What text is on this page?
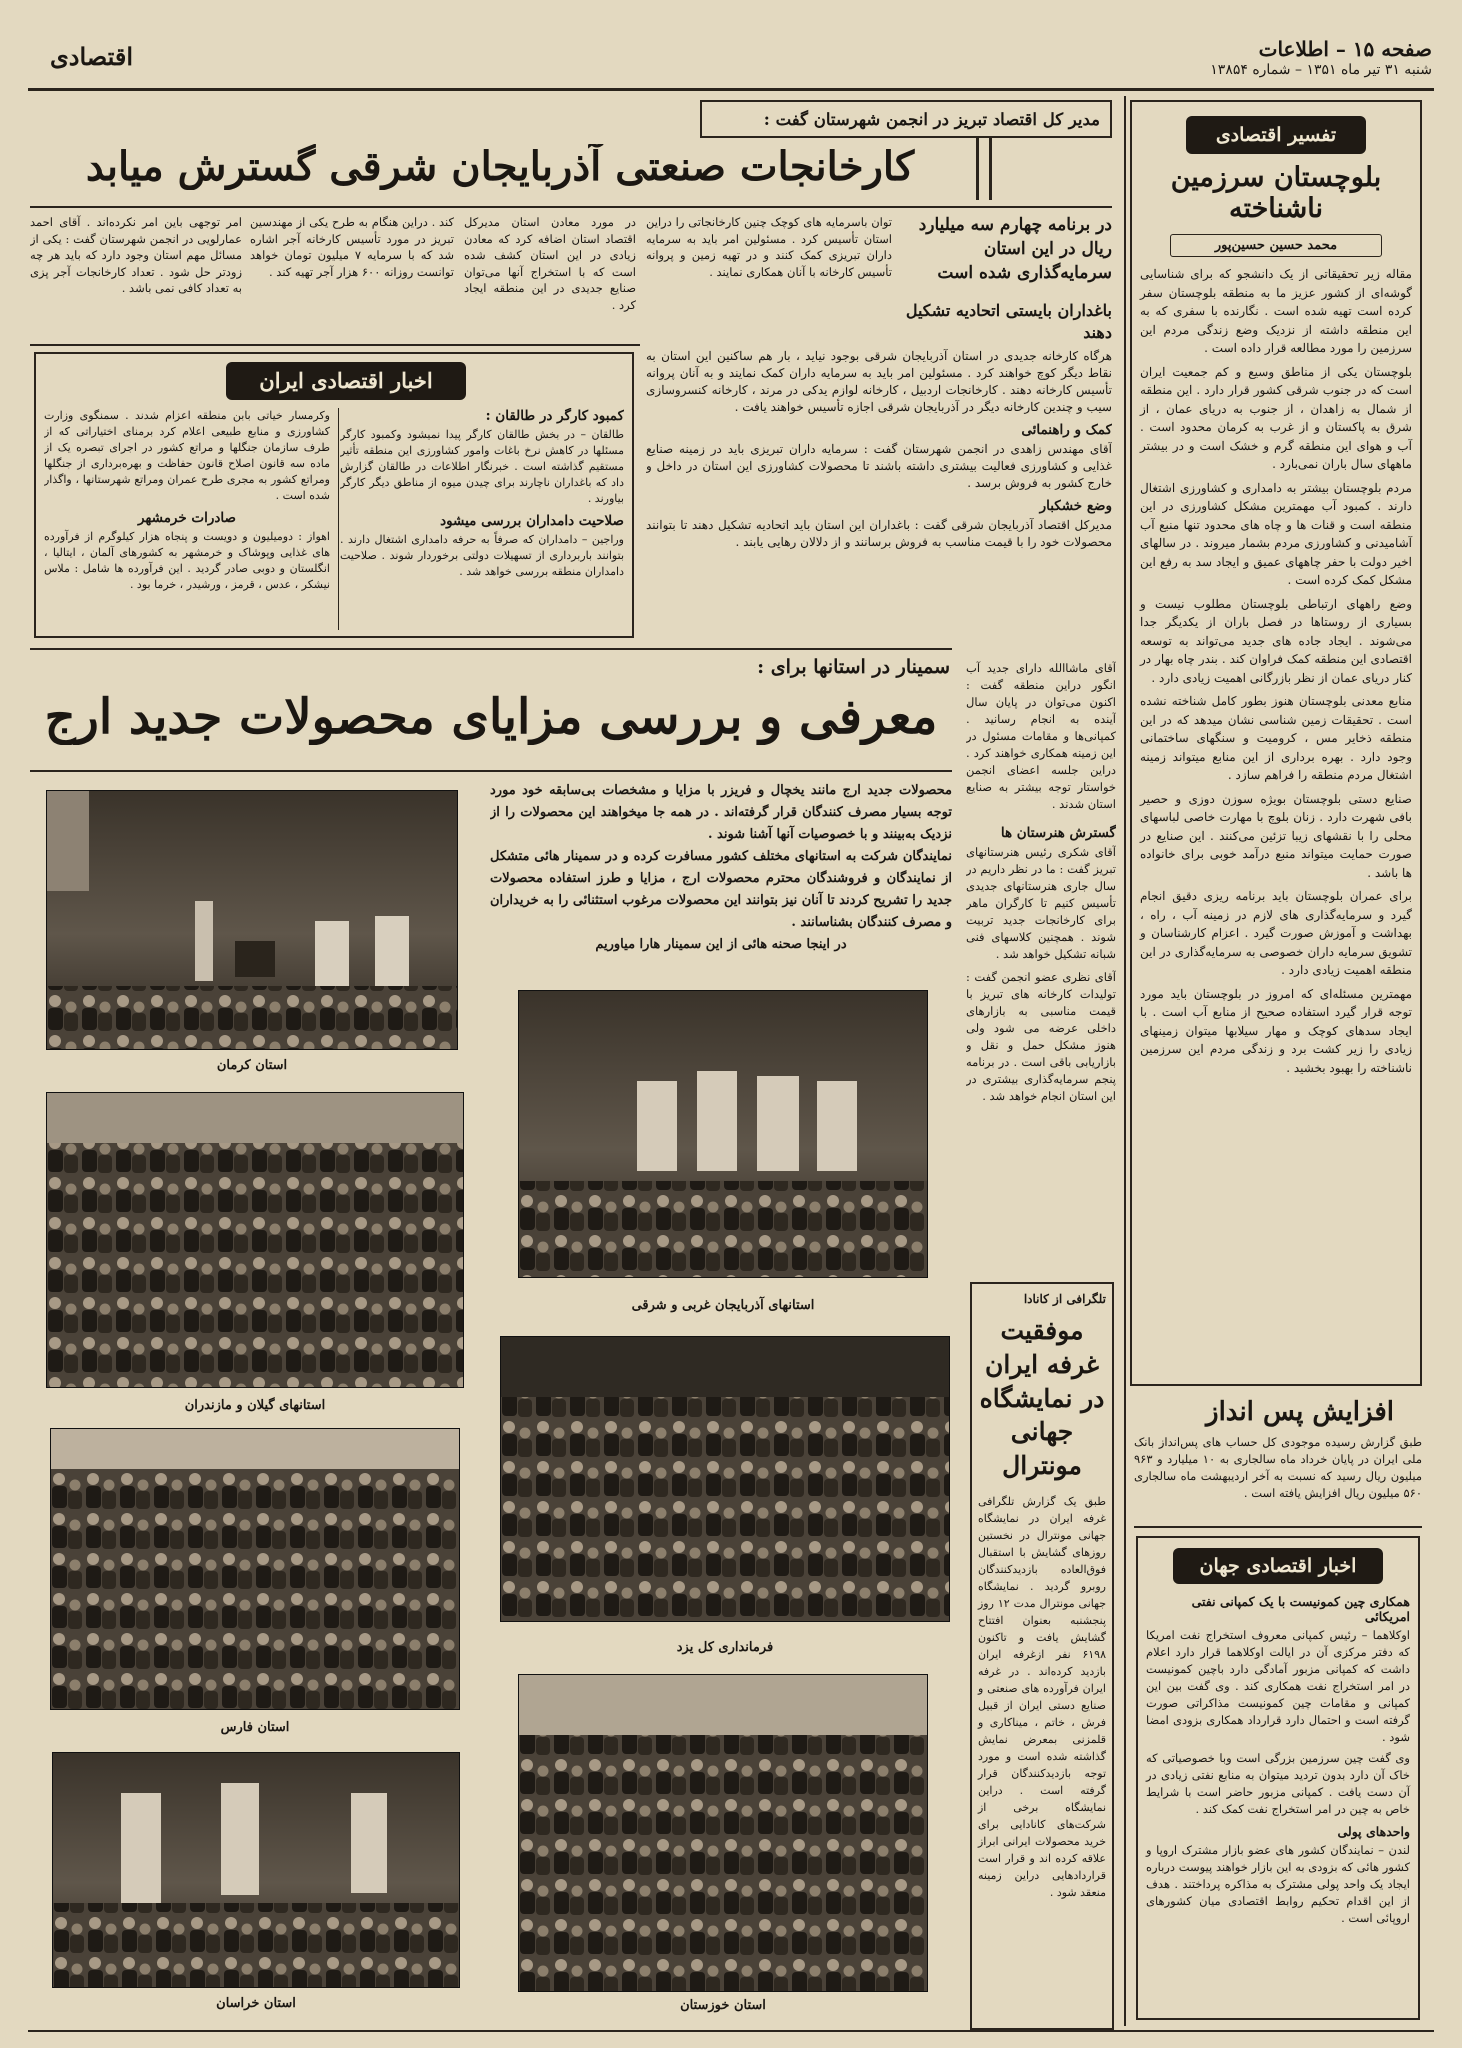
صفحه ۱۵ – اطلاعات
شنبه ۳۱ تیر ماه ۱۳۵۱ – شماره ۱۳۸۵۴
اقتصادی
تفسیر اقتصادی
بلوچستان سرزمین ناشناخته
محمد حسین حسین‌پور

مقاله زیر تحقیقاتی از یک دانشجو که برای شناسایی گوشه‌ای از کشور عزیز ما به منطقه بلوچستان سفر کرده است تهیه شده است . نگارنده با سفری که به این منطقه داشته از نزدیک وضع زندگی مردم این سرزمین را مورد مطالعه قرار داده است .

بلوچستان یکی از مناطق وسیع و کم جمعیت ایران است که در جنوب شرقی کشور قرار دارد . این منطقه از شمال به زاهدان ، از جنوب به دریای عمان ، از شرق به پاکستان و از غرب به کرمان محدود است . آب و هوای این منطقه گرم و خشک است و در بیشتر ماههای سال باران نمی‌بارد .

مردم بلوچستان بیشتر به دامداری و کشاورزی اشتغال دارند . کمبود آب مهمترین مشکل کشاورزی در این منطقه است و قنات ها و چاه های محدود تنها منبع آب آشامیدنی و کشاورزی مردم بشمار میروند . در سالهای اخیر دولت با حفر چاههای عمیق و ایجاد سد به رفع این مشکل کمک کرده است .

وضع راههای ارتباطی بلوچستان مطلوب نیست و بسیاری از روستاها در فصل باران از یکدیگر جدا می‌شوند . ایجاد جاده های جدید می‌تواند به توسعه اقتصادی این منطقه کمک فراوان کند . بندر چاه بهار در کنار دریای عمان از نظر بازرگانی اهمیت زیادی دارد .

منابع معدنی بلوچستان هنوز بطور کامل شناخته نشده است . تحقیقات زمین شناسی نشان میدهد که در این منطقه ذخایر مس ، کرومیت و سنگهای ساختمانی وجود دارد . بهره برداری از این منابع میتواند زمینه اشتغال مردم منطقه را فراهم سازد .

صنایع دستی بلوچستان بویژه سوزن دوزی و حصیر بافی شهرت دارد . زنان بلوچ با مهارت خاصی لباسهای محلی را با نقشهای زیبا تزئین می‌کنند . این صنایع در صورت حمایت میتواند منبع درآمد خوبی برای خانواده ها باشد .

برای عمران بلوچستان باید برنامه ریزی دقیق انجام گیرد و سرمایه‌گذاری های لازم در زمینه آب ، راه ، بهداشت و آموزش صورت گیرد . اعزام کارشناسان و تشویق سرمایه داران خصوصی به سرمایه‌گذاری در این منطقه اهمیت زیادی دارد .

مهمترین مسئله‌ای که امروز در بلوچستان باید مورد توجه قرار گیرد استفاده صحیح از منابع آب است . با ایجاد سدهای کوچک و مهار سیلابها میتوان زمینهای زیادی را زیر کشت برد و زندگی مردم این سرزمین ناشناخته را بهبود بخشید .

افزایش پس انداز
طبق گزارش رسیده موجودی کل حساب های پس‌انداز بانک ملی ایران در پایان خرداد ماه سالجاری به ۱۰ میلیارد و ۹۶۳ میلیون ریال رسید که نسبت به آخر اردیبهشت ماه سالجاری ۵۶۰ میلیون ریال افزایش یافته است .
اخبار اقتصادی جهان
همکاری چین کمونیست با یک کمپانی نفتی امریکائی
اوکلاهما – رئیس کمپانی معروف استخراج نفت امریکا که دفتر مرکزی آن در ایالت اوکلاهما قرار دارد اعلام داشت که کمپانی مزبور آمادگی دارد باچین کمونیست در امر استخراج نفت همکاری کند . وی گفت بین این کمپانی و مقامات چین کمونیست مذاکراتی صورت گرفته است و احتمال دارد قرارداد همکاری بزودی امضا شود .
وی گفت چین سرزمین بزرگی است وبا خصوصیاتی که خاک آن دارد بدون تردید میتوان به منابع نفتی زیادی در آن دست یافت . کمپانی مزبور حاضر است با شرایط خاص به چین در امر استخراج نفت کمک کند .
واحدهای پولی
لندن – نمایندگان کشور های عضو بازار مشترک اروپا و کشور هائی که بزودی به این بازار خواهند پیوست درباره ایجاد یک واحد پولی مشترک به مذاکره پرداختند . هدف از این اقدام تحکیم روابط اقتصادی میان کشورهای اروپائی است .
مدیر کل اقتصاد تبریز در انجمن شهرستان گفت :
کارخانجات صنعتی آذربایجان شرقی گسترش میابد
در برنامه چهارم سه میلیارد ریال در این استان سرمایه‌گذاری شده است
توان باسرمایه های کوچک چنین کارخانجاتی را دراین استان تأسیس کرد . مسئولین امر باید به سرمایه داران تبریزی کمک کنند و در تهیه زمین و پروانه تأسیس کارخانه با آنان همکاری نمایند .
در مورد معادن استان مدیرکل اقتصاد استان اضافه کرد که معادن زیادی در این استان کشف شده است که با استخراج آنها می‌توان صنایع جدیدی در این منطقه ایجاد کرد .
کند . دراین هنگام به طرح یکی از مهندسین تبریز در مورد تأسیس کارخانه آجر اشاره شد که با سرمایه ۷ میلیون تومان خواهد توانست روزانه ۶۰۰ هزار آجر تهیه کند .
امر توجهی باین امر نکرده‌اند . آقای احمد عمارلویی در انجمن شهرستان گفت : یکی از مسائل مهم استان وجود دارد که باید هر چه زودتر حل شود . تعداد کارخانجات آجر پزی به تعداد کافی نمی باشد .
باغداران بایستی اتحادیه تشکیل دهند
هرگاه کارخانه جدیدی در استان آذربایجان شرقی بوجود نیاید ، بار هم ساکنین این استان به نقاط دیگر کوچ خواهند کرد . مسئولین امر باید به سرمایه داران کمک نمایند و به آنان پروانه تأسیس کارخانه دهند . کارخانجات اردبیل ، کارخانه لوازم یدکی در مرند ، کارخانه کنسروسازی سیب و چندین کارخانه دیگر در آذربایجان شرقی اجازه تأسیس خواهند یافت .
کمک و راهنمائی
آقای مهندس زاهدی در انجمن شهرستان گفت : سرمایه داران تبریزی باید در زمینه صنایع غذایی و کشاورزی فعالیت بیشتری داشته باشند تا محصولات کشاورزی این استان در داخل و خارج کشور به فروش برسد .
وضع خشکبار
مدیرکل اقتصاد آذربایجان شرقی گفت : باغداران این استان باید اتحادیه تشکیل دهند تا بتوانند محصولات خود را با قیمت مناسب به فروش برسانند و از دلالان رهایی یابند .
آقای ماشاالله دارای جدید آب انگور دراین منطقه گفت : اکنون می‌توان در پایان سال آینده به انجام رسانید . کمپانی‌ها و مقامات مسئول در این زمینه همکاری خواهند کرد . دراین جلسه اعضای انجمن خواستار توجه بیشتر به صنایع استان شدند .
گسترش هنرستان ها
آقای شکری رئیس هنرستانهای تبریز گفت : ما در نظر داریم در سال جاری هنرستانهای جدیدی تأسیس کنیم تا کارگران ماهر برای کارخانجات جدید تربیت شوند . همچنین کلاسهای فنی شبانه تشکیل خواهد شد .
آقای نظری عضو انجمن گفت : تولیدات کارخانه های تبریز با قیمت مناسبی به بازارهای داخلی عرضه می شود ولی هنوز مشکل حمل و نقل و بازاریابی باقی است . در برنامه پنجم سرمایه‌گذاری بیشتری در این استان انجام خواهد شد .
اخبار اقتصادی ایران
کمبود کارگر در طالقان :
طالقان – در بخش طالقان کارگر پیدا نمیشود وکمبود کارگر مسئلها در کاهش نرخ باغات وامور کشاورزی این منطقه تأثیر مستقیم گذاشته است . خبرنگار اطلاعات در طالقان گزارش داد که باغداران ناچارند برای چیدن میوه از مناطق دیگر کارگر بیاورند .
صلاحیت دامداران بررسی میشود
وراجین – دامداران که صرفاً به حرفه دامداری اشتغال دارند . بتوانند باربرداری از تسهیلات دولتی برخوردار شوند . صلاحیت دامداران منطقه بررسی خواهد شد .
وکرمسار خیاتی بابن منطقه اعزام شدند . سمنگوی وزارت کشاورزی و منابع طبیعی اعلام کرد برمنای اختیاراتی که از طرف سازمان جنگلها و مراتع کشور در اجرای تبصره یک از ماده سه قانون اصلاح قانون حفاظت و بهره‌برداری از جنگلها ومراتع کشور به مجری طرح عمران ومراتع شهرستانها ، واگذار شده است .
صادرات خرمشهر
اهواز : دومیلیون و دویست و پنجاه هزار کیلوگرم از فرآورده های غذایی وپوشاک و خرمشهر به کشورهای آلمان ، ایتالیا ، انگلستان و دوبی صادر گردید . این فرآورده ها شامل : ملاس نیشکر ، عدس ، قرمز ، ورشیدر ، خرما بود .
سمینار در استانها برای :
معرفی و بررسی مزایای محصولات جدید ارج
محصولات جدید ارج مانند یخچال و فریزر با مزایا و مشخصات بی‌سابقه خود مورد توجه بسیار مصرف کنندگان قرار گرفته‌اند . در همه جا میخواهند این محصولات را از نزدیک به‌بینند و با خصوصیات آنها آشنا شوند .
نمایندگان شرکت به استانهای مختلف کشور مسافرت کرده و در سمینار هائی متشکل از نمایندگان و فروشندگان محترم محصولات ارج ، مزایا و طرز استفاده محصولات جدید را تشریح کردند تا آنان نیز بتوانند این محصولات مرغوب استثنائی را به خریداران و مصرف کنندگان بشناسانند .
در اینجا صحنه هائی از این سمینار هارا میاوریم
استان کرمان
استانهای گیلان و مازندران
استان فارس
استان خراسان
استانهای آذربایجان غربی و شرقی
فرمانداری کل یزد
استان خوزستان
تلگرافی از کانادا
موفقیت غرفه ایران در نمایشگاه جهانی مونترال
طبق یک گزارش تلگرافی غرفه ایران در نمایشگاه جهانی مونترال در نخستین روزهای گشایش با استقبال فوق‌العاده بازدیدکنندگان روبرو گردید . نمایشگاه جهانی مونترال مدت ۱۲ روز پنجشنبه بعنوان افتتاح گشایش یافت و تاکنون ۶۱۹۸ نفر ازغرفه ایران بازدید کرده‌اند . در غرفه ایران فرآورده های صنعتی و صنایع دستی ایران از قبیل فرش ، خاتم ، میناکاری و قلمزنی بمعرض نمایش گذاشته شده است و مورد توجه بازدیدکنندگان قرار گرفته است . دراین نمایشگاه برخی از شرکت‌های کانادایی برای خرید محصولات ایرانی ابراز علاقه کرده اند و قرار است قراردادهایی دراین زمینه منعقد شود .
